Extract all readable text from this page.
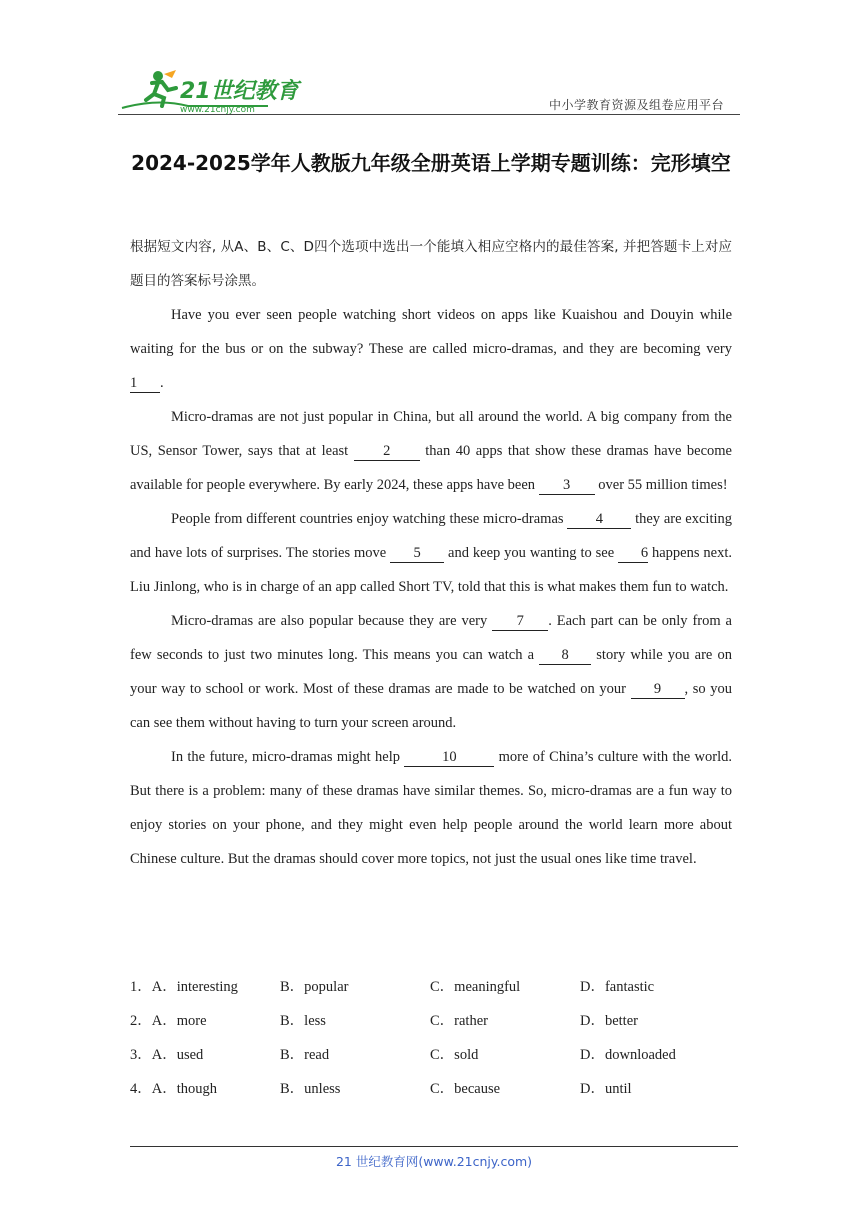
21世纪教育
www.21cnjy.com	中小学教育资源及组卷应用平台
2024-2025学年人教版九年级全册英语上学期专题训练：完形填空

根据短文内容, 从A、B、C、D四个选项中选出一个能填入相应空格内的最佳答案, 并把答题卡上对应题目的答案标号涂黑。

Have you ever seen people watching short videos on apps like Kuaishou and Douyin while waiting for the bus or on the subway? These are called micro-dramas, and they are becoming very 1 .

Micro-dramas are not just popular in China, but all around the world. A big company from the US, Sensor Tower, says that at least 2 than 40 apps that show these dramas have become available for people everywhere. By early 2024, these apps have been 3 over 55 million times!

People from different countries enjoy watching these micro-dramas 4 they are exciting and have lots of surprises. The stories move 5 and keep you wanting to see 6 happens next. Liu Jinlong, who is in charge of an app called Short TV, told that this is what makes them fun to watch.

Micro-dramas are also popular because they are very 7 . Each part can be only from a few seconds to just two minutes long. This means you can watch a 8 story while you are on your way to school or work. Most of these dramas are made to be watched on your 9 , so you can see them without having to turn your screen around.

In the future, micro-dramas might help	10	more of China’s culture with the world. But there is a problem: many of these dramas have similar themes. So, micro-dramas are a fun way to enjoy stories on your phone, and they might even help people around the world learn more about Chinese culture. But the dramas should cover more topics, not just the usual ones like time travel.

1．A．interesting	B．popular	C．meaningful	D．fantastic
2．A．more	B．less	C．rather	D．better
3．A．used	B．read	C．sold	D．downloaded
4．A．though	B．unless	C．because	D．until
21 世纪教育网(www.21cnjy.com)
